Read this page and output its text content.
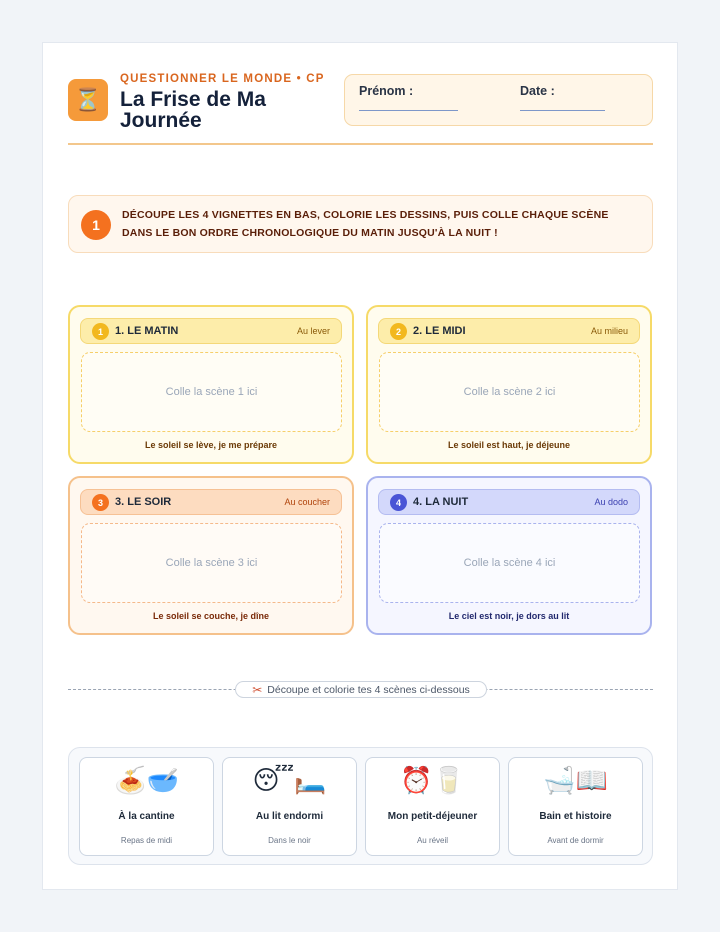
⏳
QUESTIONNER LE MONDE • CP
La Frise de Ma Journée
Prénom :	Date :
1
DÉCOUPE LES 4 VIGNETTES EN BAS, COLORIE LES DESSINS, PUIS COLLE CHAQUE SCÈNE DANS LE BON ORDRE CHRONOLOGIQUE DU MATIN JUSQU'À LA NUIT !
1	1. LE MATIN	Au lever
Colle la scène 1 ici
Le soleil se lève, je me prépare
2	2. LE MIDI	Au milieu
Colle la scène 2 ici
Le soleil est haut, je déjeune
3	3. LE SOIR	Au coucher
Colle la scène 3 ici
Le soleil se couche, je dîne
4	4. LA NUIT	Au dodo
Colle la scène 4 ici
Le ciel est noir, je dors au lit
✂ Découpe et colorie tes 4 scènes ci-dessous
🍝🥣
À la cantine
Repas de midi
😴🛏️
Au lit endormi
Dans le noir
⏰🥛
Mon petit-déjeuner
Au réveil
🛁📖
Bain et histoire
Avant de dormir
